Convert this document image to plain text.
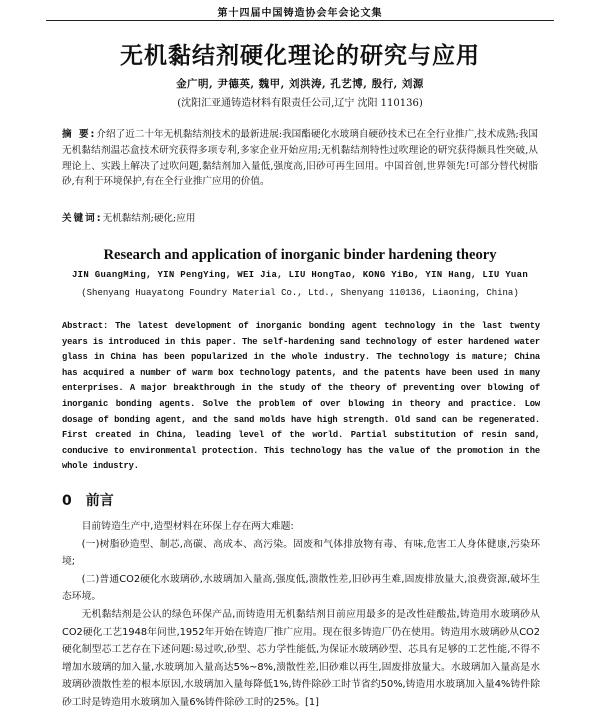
第十四届中国铸造协会年会论文集
无机黏结剂硬化理论的研究与应用
金广明, 尹德英, 魏甲, 刘洪涛, 孔艺博, 殷行, 刘源
(沈阳汇亚通铸造材料有限责任公司,辽宁 沈阳 110136)
摘 要:介绍了近二十年无机黏结剂技术的最新进展:我国酯硬化水玻璃自硬砂技术已在全行业推广,技术成熟;我国无机黏结剂温芯盒技术研究获得多项专利,多家企业开始应用;无机黏结剂特性过吹理论的研究获得颇具性突破,从理论上、实践上解决了过吹问题,黏结剂加入量低,强度高,旧砂可再生回用。中国首创,世界领先!可部分替代树脂砂,有利于环境保护,有在全行业推广应用的价值。
关键词:无机黏结剂;硬化;应用
Research and application of inorganic binder hardening theory
JIN GuangMing, YIN PengYing, WEI Jia, LIU HongTao, KONG YiBo, YIN Hang, LIU Yuan
(Shenyang Huayatong Foundry Material Co., Ltd., Shenyang 110136, Liaoning, China)
Abstract: The latest development of inorganic bonding agent technology in the last twenty years is introduced in this paper. The self-hardening sand technology of ester hardened water glass in China has been popularized in the whole industry. The technology is mature; China has acquired a number of warm box technology patents, and the patents have been used in many enterprises. A major breakthrough in the study of the theory of preventing over blowing of inorganic bonding agents. Solve the problem of over blowing in theory and practice. Low dosage of bonding agent, and the sand molds have high strength. Old sand can be regenerated. First created in China, leading level of the world. Partial substitution of resin sand, conducive to environmental protection. This technology has the value of the promotion in the whole industry.
0 前言

目前铸造生产中,造型材料在环保上存在两大难题:

(一)树脂砂造型、制芯,高碳、高成本、高污染。固废和气体排放物有毒、有味,危害工人身体健康,污染环境;

(二)普通CO2硬化水玻璃砂,水玻璃加入量高,强度低,溃散性差,旧砂再生难,固废排放量大,浪费资源,破坏生态环境。

无机黏结剂是公认的绿色环保产品,而铸造用无机黏结剂目前应用最多的是改性硅酸盐,铸造用水玻璃砂从CO2硬化工艺1948年问世,1952年开始在铸造厂推广应用。现在很多铸造厂仍在使用。铸造用水玻璃砂从CO2硬化制型芯工艺存在下述问题:易过吹,砂型、芯力学性能低,为保证水玻璃砂型、芯具有足够的工艺性能,不得不增加水玻璃的加入量,水玻璃加入量高达5%~8%,溃散性差,旧砂难以再生,固废排放量大。水玻璃加入量高是水玻璃砂溃散性差的根本原因,水玻璃加入量每降低1%,铸件除砂工时节省约50%,铸造用水玻璃加入量4%铸件除砂工时是铸造用水玻璃加入量6%铸件除砂工时的25%。[1]
